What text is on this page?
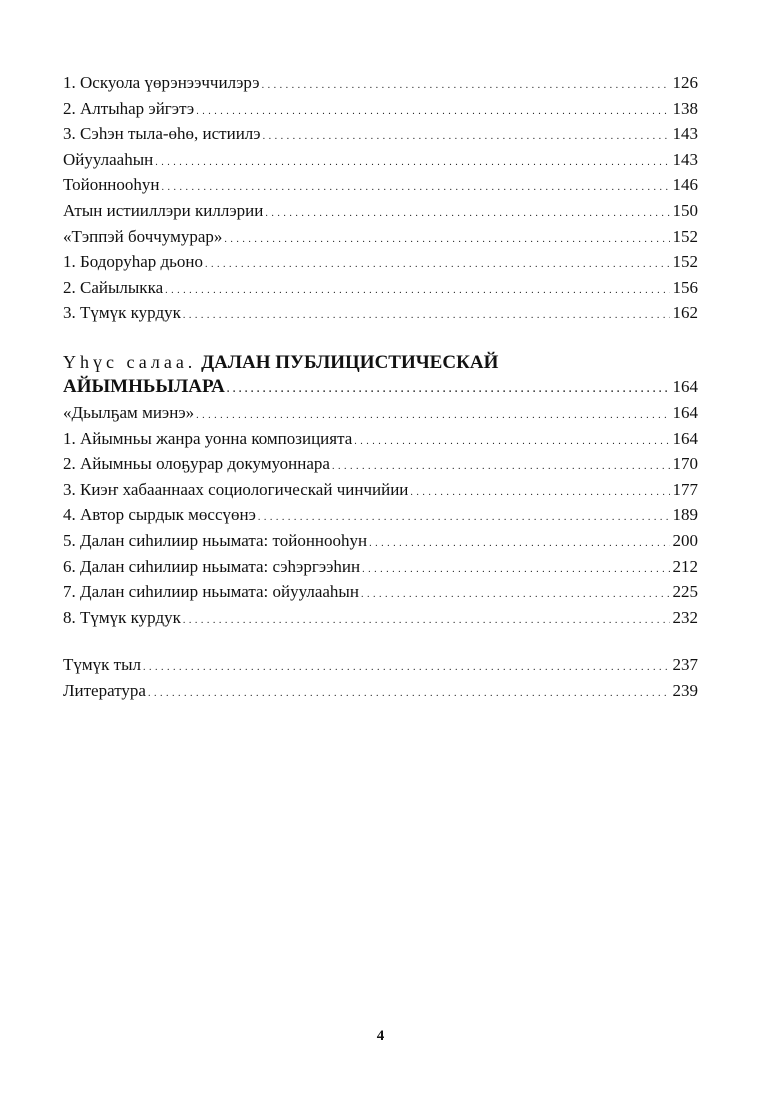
1. Оскуола үөрэнээччилэрэ . . .	126
2. Алтыһар эйгэтэ . . .	138
3. Сэһэн тыла-өһө, истиилэ . . .	143
Ойуулааһын . . .	143
Тойоннооһун . . .	146
Атын истииллэри киллэрии . . .	150
«Тэппэй боччумурар» . . .	152
1. Бодоруһар дьоно . . .	152
2. Сайылыкка . . .	156
3. Түмүк курдук . . .	162
Үһүс салаа. ДАЛАН ПУБЛИЦИСТИЧЕСКАЙ
АЙЫМНЬЫЛАРА . . .	164
«Дьылҕам миэнэ» . . .	164
1. Айымньы жанра уонна композицията . . .	164
2. Айымньы олоҕурар докумуоннара . . .	170
3. Киэҥ хабааннаах социологическай чинчийии . . .	177
4. Автор сырдык мөссүөнэ . . .	189
5. Далан сиһилиир ньымата: тойоннооһун . . .	200
6. Далан сиһилиир ньымата: сэһэргээһин . . .	212
7. Далан сиһилиир ньымата: ойуулааһын . . .	225
8. Түмүк курдук . . .	232
Түмүк тыл . . .	237
Литература . . .	239
4
